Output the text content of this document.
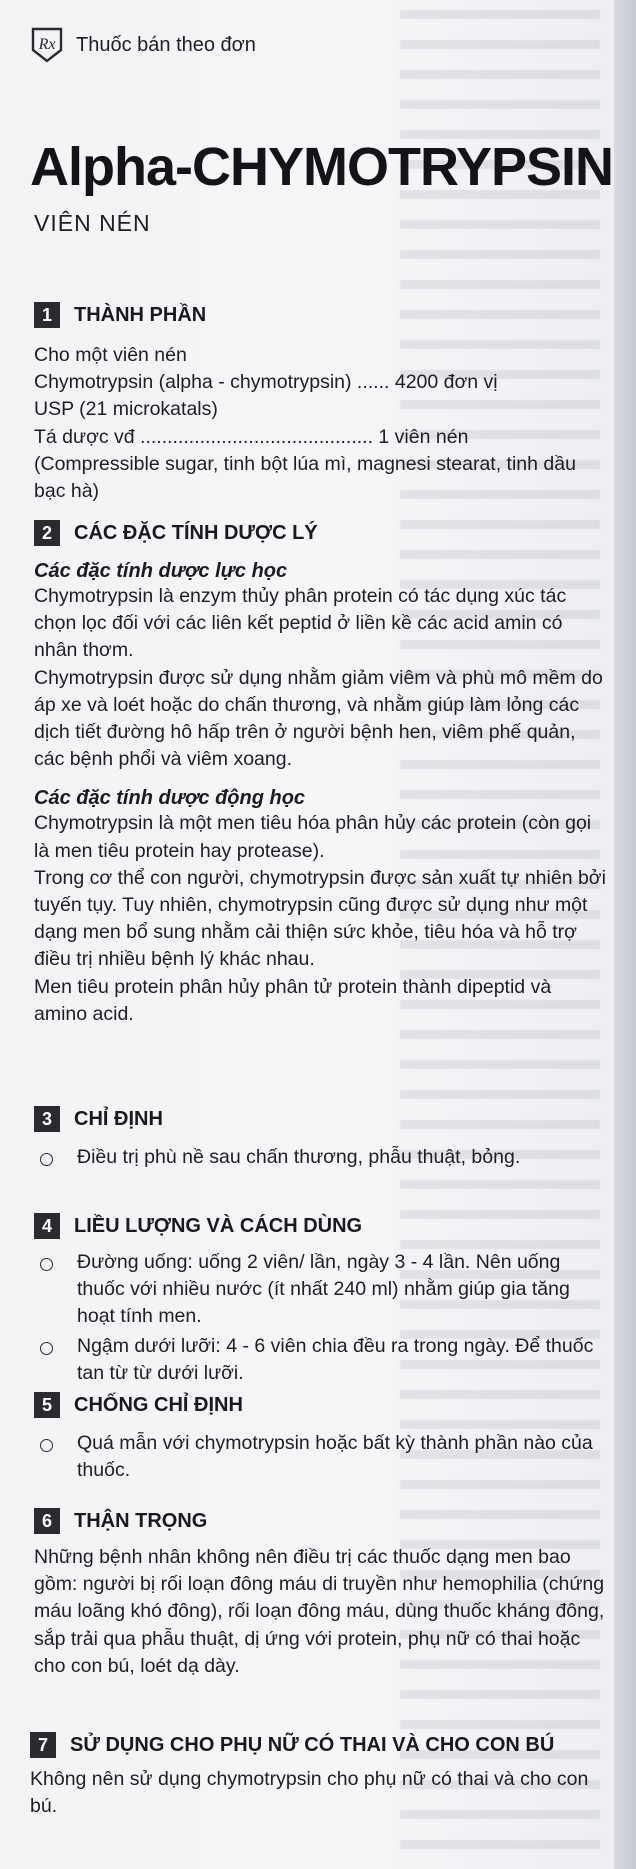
Rx Thuốc bán theo đơn
Alpha-CHYMOTRYPSIN
VIÊN NÉN
1	THÀNH PHẦN
Cho một viên nén
Chymotrypsin (alpha - chymotrypsin) ...... 4200 đơn vị
USP (21 microkatals)
Tá dược vđ ........................................... 1 viên nén
(Compressible sugar, tinh bột lúa mì, magnesi stearat, tinh dầu bạc hà)
2	CÁC ĐẶC TÍNH DƯỢC LÝ
Các đặc tính dược lực học
Chymotrypsin là enzym thủy phân protein có tác dụng xúc tác chọn lọc đối với các liên kết peptid ở liền kề các acid amin có nhân thơm.
Chymotrypsin được sử dụng nhằm giảm viêm và phù mô mềm do áp xe và loét hoặc do chấn thương, và nhằm giúp làm lỏng các dịch tiết đường hô hấp trên ở người bệnh hen, viêm phế quản, các bệnh phổi và viêm xoang.
Các đặc tính dược động học
Chymotrypsin là một men tiêu hóa phân hủy các protein (còn gọi là men tiêu protein hay protease).
Trong cơ thể con người, chymotrypsin được sản xuất tự nhiên bởi tuyến tụy. Tuy nhiên, chymotrypsin cũng được sử dụng như một dạng men bổ sung nhằm cải thiện sức khỏe, tiêu hóa và hỗ trợ điều trị nhiều bệnh lý khác nhau.
Men tiêu protein phân hủy phân tử protein thành dipeptid và amino acid.
3	CHỈ ĐỊNH
Điều trị phù nề sau chấn thương, phẫu thuật, bỏng.
4	LIỀU LƯỢNG VÀ CÁCH DÙNG
Đường uống: uống 2 viên/ lần, ngày 3 - 4 lần. Nên uống thuốc với nhiều nước (ít nhất 240 ml) nhằm giúp gia tăng hoạt tính men.
Ngậm dưới lưỡi: 4 - 6 viên chia đều ra trong ngày. Để thuốc tan từ từ dưới lưỡi.
5	CHỐNG CHỈ ĐỊNH
Quá mẫn với chymotrypsin hoặc bất kỳ thành phần nào của thuốc.
6	THẬN TRỌNG
Những bệnh nhân không nên điều trị các thuốc dạng men bao gồm: người bị rối loạn đông máu di truyền như hemophilia (chứng máu loãng khó đông), rối loạn đông máu, dùng thuốc kháng đông, sắp trải qua phẫu thuật, dị ứng với protein, phụ nữ có thai hoặc cho con bú, loét dạ dày.
7	SỬ DỤNG CHO PHỤ NỮ CÓ THAI VÀ CHO CON BÚ
Không nên sử dụng chymotrypsin cho phụ nữ có thai và cho con bú.
